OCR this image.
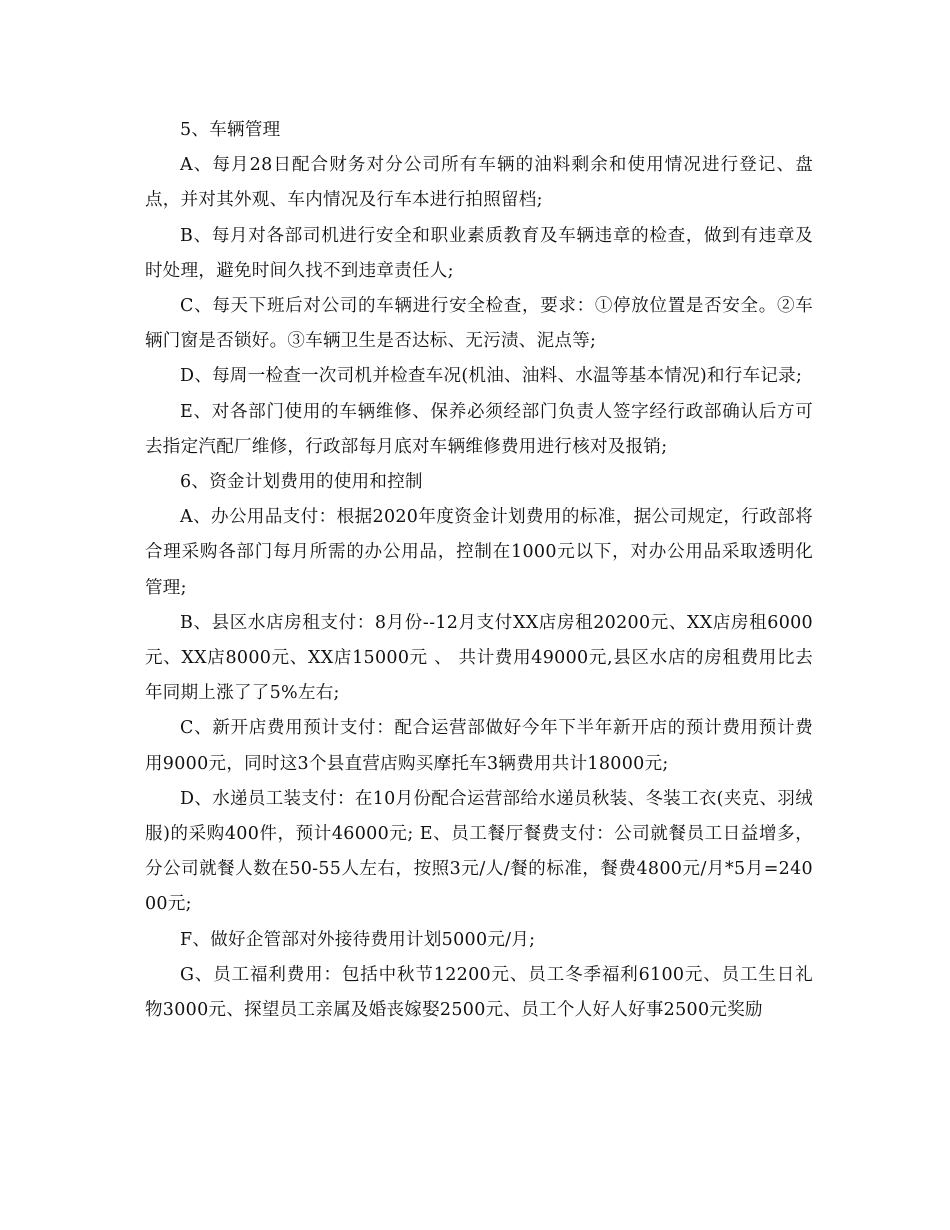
5、车辆管理

A、每月28日配合财务对分公司所有车辆的油料剩余和使用情况进行登记、盘点，并对其外观、车内情况及行车本进行拍照留档;

B、每月对各部司机进行安全和职业素质教育及车辆违章的检查，做到有违章及时处理，避免时间久找不到违章责任人;

C、每天下班后对公司的车辆进行安全检查，要求：①停放位置是否安全。②车辆门窗是否锁好。③车辆卫生是否达标、无污渍、泥点等;

D、每周一检查一次司机并检查车况(机油、油料、水温等基本情况)和行车记录;

E、对各部门使用的车辆维修、保养必须经部门负责人签字经行政部确认后方可去指定汽配厂维修，行政部每月底对车辆维修费用进行核对及报销;

6、资金计划费用的使用和控制

A、办公用品支付：根据2020年度资金计划费用的标准，据公司规定，行政部将合理采购各部门每月所需的办公用品，控制在1000元以下，对办公用品采取透明化管理;

B、县区水店房租支付：8月份--12月支付XX店房租20200元、XX店房租6000元、XX店8000元、XX店15000元 、 共计费用49000元,县区水店的房租费用比去年同期上涨了了5%左右;

C、新开店费用预计支付：配合运营部做好今年下半年新开店的预计费用预计费用9000元，同时这3个县直营店购买摩托车3辆费用共计18000元;

D、水递员工装支付：在10月份配合运营部给水递员秋装、冬装工衣(夹克、羽绒服)的采购400件，预计46000元; E、员工餐厅餐费支付：公司就餐员工日益增多，分公司就餐人数在50-55人左右，按照3元/人/餐的标准，餐费4800元/月*5月=24000元;

F、做好企管部对外接待费用计划5000元/月;

G、员工福利费用：包括中秋节12200元、员工冬季福利6100元、员工生日礼物3000元、探望员工亲属及婚丧嫁娶2500元、员工个人好人好事2500元奖励
